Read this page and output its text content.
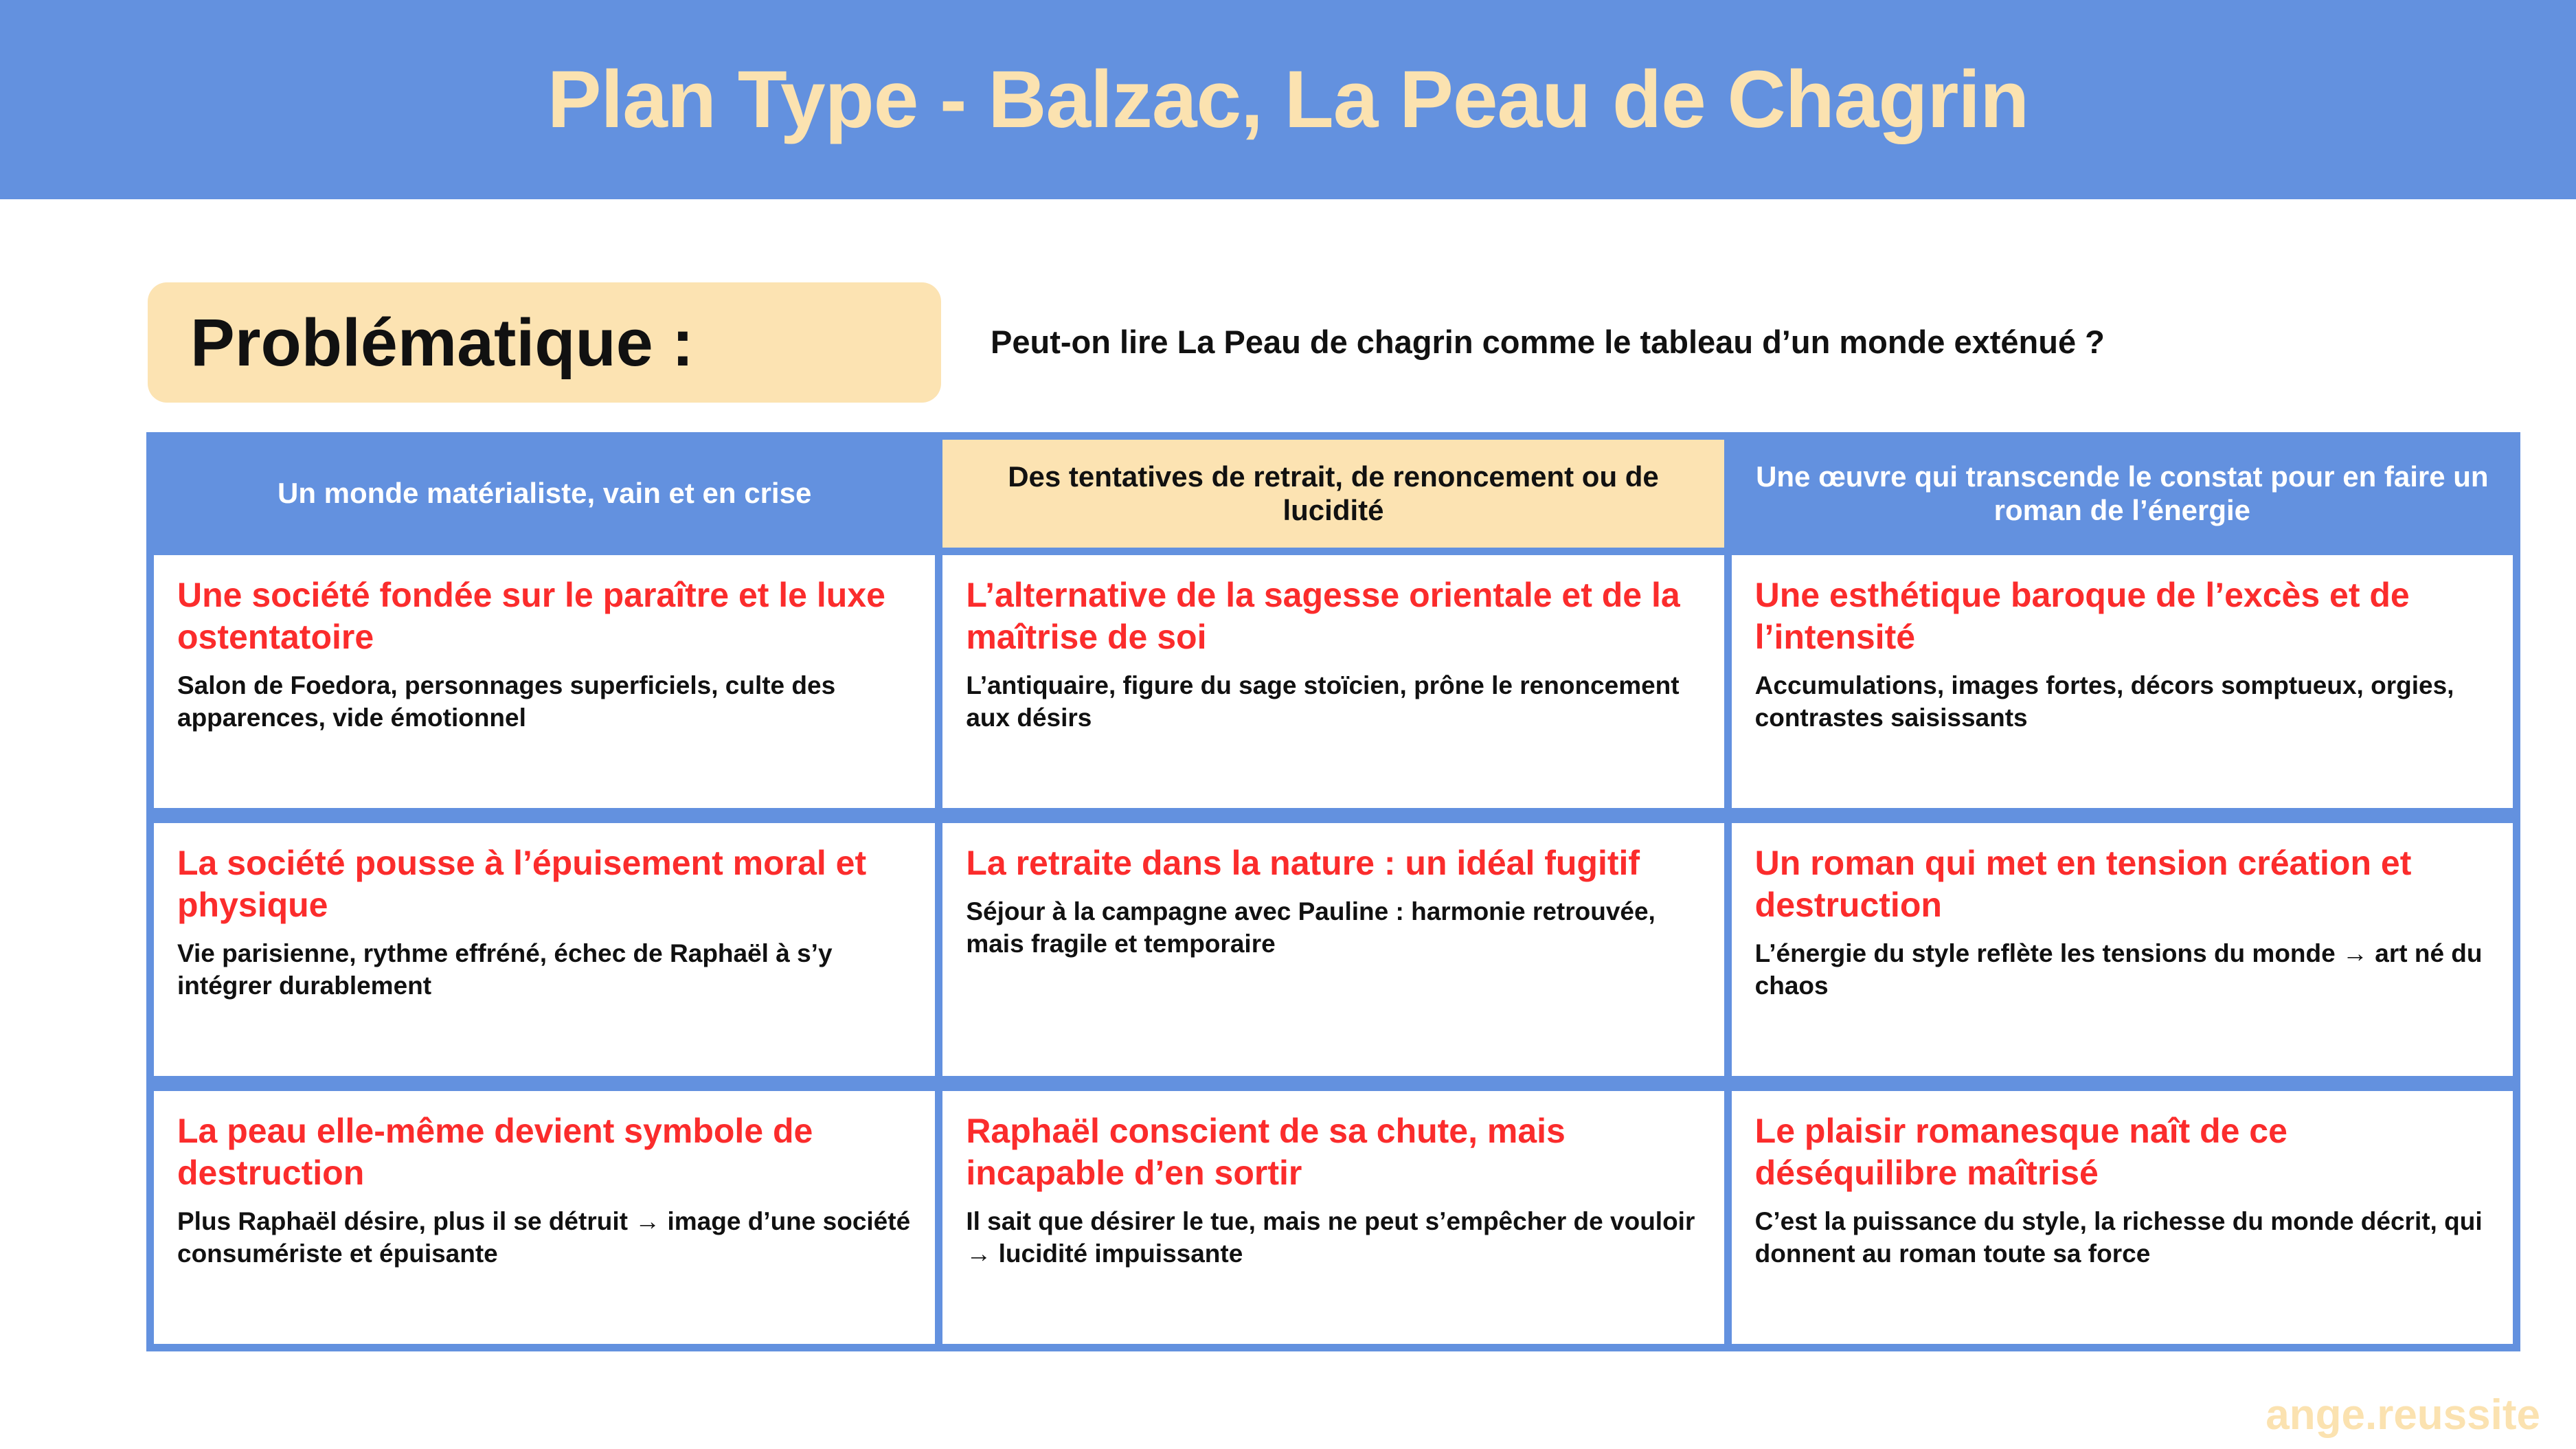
Plan Type - Balzac, La Peau de Chagrin
Problématique :	Peut-on lire La Peau de chagrin comme le tableau d’un monde exténué ?
Un monde matérialiste, vain et en crise
Des tentatives de retrait, de renoncement ou de lucidité
Une œuvre qui transcende le constat pour en faire un roman de l’énergie
Une société fondée sur le paraître et le luxe ostentatoire
Salon de Foedora, personnages superficiels, culte des apparences, vide émotionnel
L’alternative de la sagesse orientale et de la maîtrise de soi
L’antiquaire, figure du sage stoïcien, prône le renoncement aux désirs
Une esthétique baroque de l’excès et de l’intensité
Accumulations, images fortes, décors somptueux, orgies, contrastes saisissants
La société pousse à l’épuisement moral et physique
Vie parisienne, rythme effréné, échec de Raphaël à s’y intégrer durablement
La retraite dans la nature : un idéal fugitif
Séjour à la campagne avec Pauline : harmonie retrouvée, mais fragile et temporaire
Un roman qui met en tension création et destruction
L’énergie du style reflète les tensions du monde → art né du chaos
La peau elle-même devient symbole de destruction
Plus Raphaël désire, plus il se détruit → image d’une société consumériste et épuisante
Raphaël conscient de sa chute, mais incapable d’en sortir
Il sait que désirer le tue, mais ne peut s’empêcher de vouloir → lucidité impuissante
Le plaisir romanesque naît de ce déséquilibre maîtrisé
C’est la puissance du style, la richesse du monde décrit, qui donnent au roman toute sa force
ange.reussite
